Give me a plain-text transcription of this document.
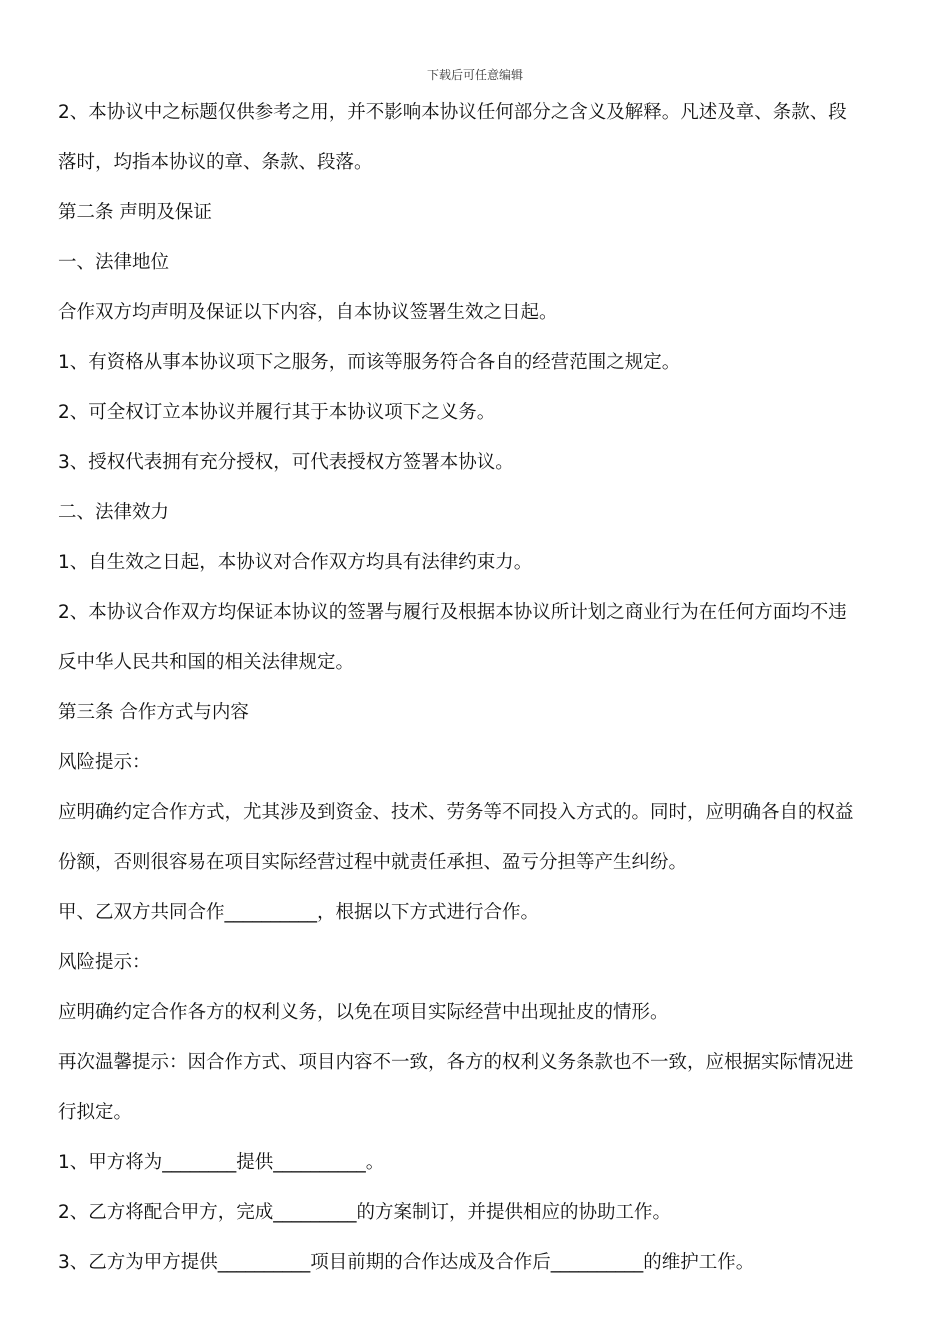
下载后可任意编辑

2、本协议中之标题仅供参考之用，并不影响本协议任何部分之含义及解释。凡述及章、条款、段

落时，均指本协议的章、条款、段落。

第二条 声明及保证

一、法律地位

合作双方均声明及保证以下内容，自本协议签署生效之日起。

1、有资格从事本协议项下之服务，而该等服务符合各自的经营范围之规定。

2、可全权订立本协议并履行其于本协议项下之义务。

3、授权代表拥有充分授权，可代表授权方签署本协议。

二、法律效力

1、自生效之日起，本协议对合作双方均具有法律约束力。

2、本协议合作双方均保证本协议的签署与履行及根据本协议所计划之商业行为在任何方面均不违

反中华人民共和国的相关法律规定。

第三条 合作方式与内容

风险提示：

应明确约定合作方式，尤其涉及到资金、技术、劳务等不同投入方式的。同时，应明确各自的权益

份额，否则很容易在项目实际经营过程中就责任承担、盈亏分担等产生纠纷。

甲、乙双方共同合作__________，根据以下方式进行合作。

风险提示：

应明确约定合作各方的权利义务，以免在项目实际经营中出现扯皮的情形。

再次温馨提示：因合作方式、项目内容不一致，各方的权利义务条款也不一致，应根据实际情况进

行拟定。

1、甲方将为________提供__________。

2、乙方将配合甲方，完成_________的方案制订，并提供相应的协助工作。

3、乙方为甲方提供__________项目前期的合作达成及合作后__________的维护工作。
